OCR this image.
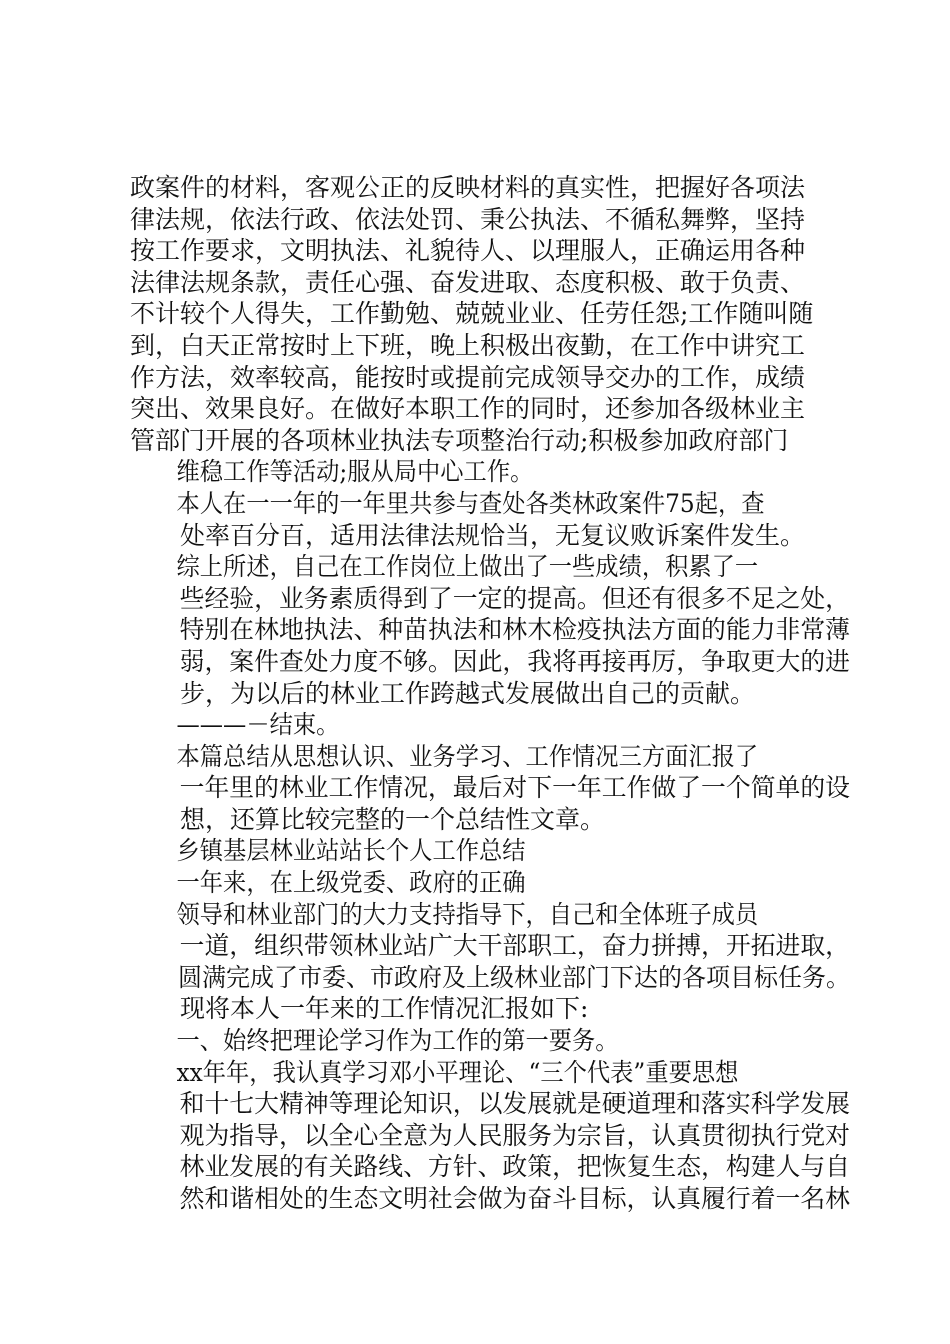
政案件的材料，客观公正的反映材料的真实性，把握好各项法
律法规，依法行政、依法处罚、秉公执法、不循私舞弊，坚持
按工作要求，文明执法、礼貌待人、以理服人，正确运用各种
法律法规条款，责任心强、奋发进取、态度积极、敢于负责、
不计较个人得失，工作勤勉、兢兢业业、任劳任怨;工作随叫随
到，白天正常按时上下班，晚上积极出夜勤，在工作中讲究工
作方法，效率较高，能按时或提前完成领导交办的工作，成绩
突出、效果良好。在做好本职工作的同时，还参加各级林业主
管部门开展的各项林业执法专项整治行动;积极参加政府部门
维稳工作等活动;服从局中心工作。
本人在一一年的一年里共参与查处各类林政案件75起，查
处率百分百，适用法律法规恰当，无复议败诉案件发生。
综上所述，自己在工作岗位上做出了一些成绩，积累了一
些经验，业务素质得到了一定的提高。但还有很多不足之处，
特别在林地执法、种苗执法和林木检疫执法方面的能力非常薄
弱，案件查处力度不够。因此，我将再接再厉，争取更大的进
步，为以后的林业工作跨越式发展做出自己的贡献。
———－结束。
本篇总结从思想认识、业务学习、工作情况三方面汇报了
一年里的林业工作情况，最后对下一年工作做了一个简单的设
想，还算比较完整的一个总结性文章。
乡镇基层林业站站长个人工作总结
一年来，在上级党委、政府的正确
领导和林业部门的大力支持指导下，自己和全体班子成员
一道，组织带领林业站广大干部职工，奋力拼搏，开拓进取，
圆满完成了市委、市政府及上级林业部门下达的各项目标任务。
现将本人一年来的工作情况汇报如下:
一、始终把理论学习作为工作的第一要务。
xx年年，我认真学习邓小平理论、“三个代表”重要思想
和十七大精神等理论知识，以发展就是硬道理和落实科学发展
观为指导，以全心全意为人民服务为宗旨，认真贯彻执行党对
林业发展的有关路线、方针、政策，把恢复生态，构建人与自
然和谐相处的生态文明社会做为奋斗目标，认真履行着一名林
